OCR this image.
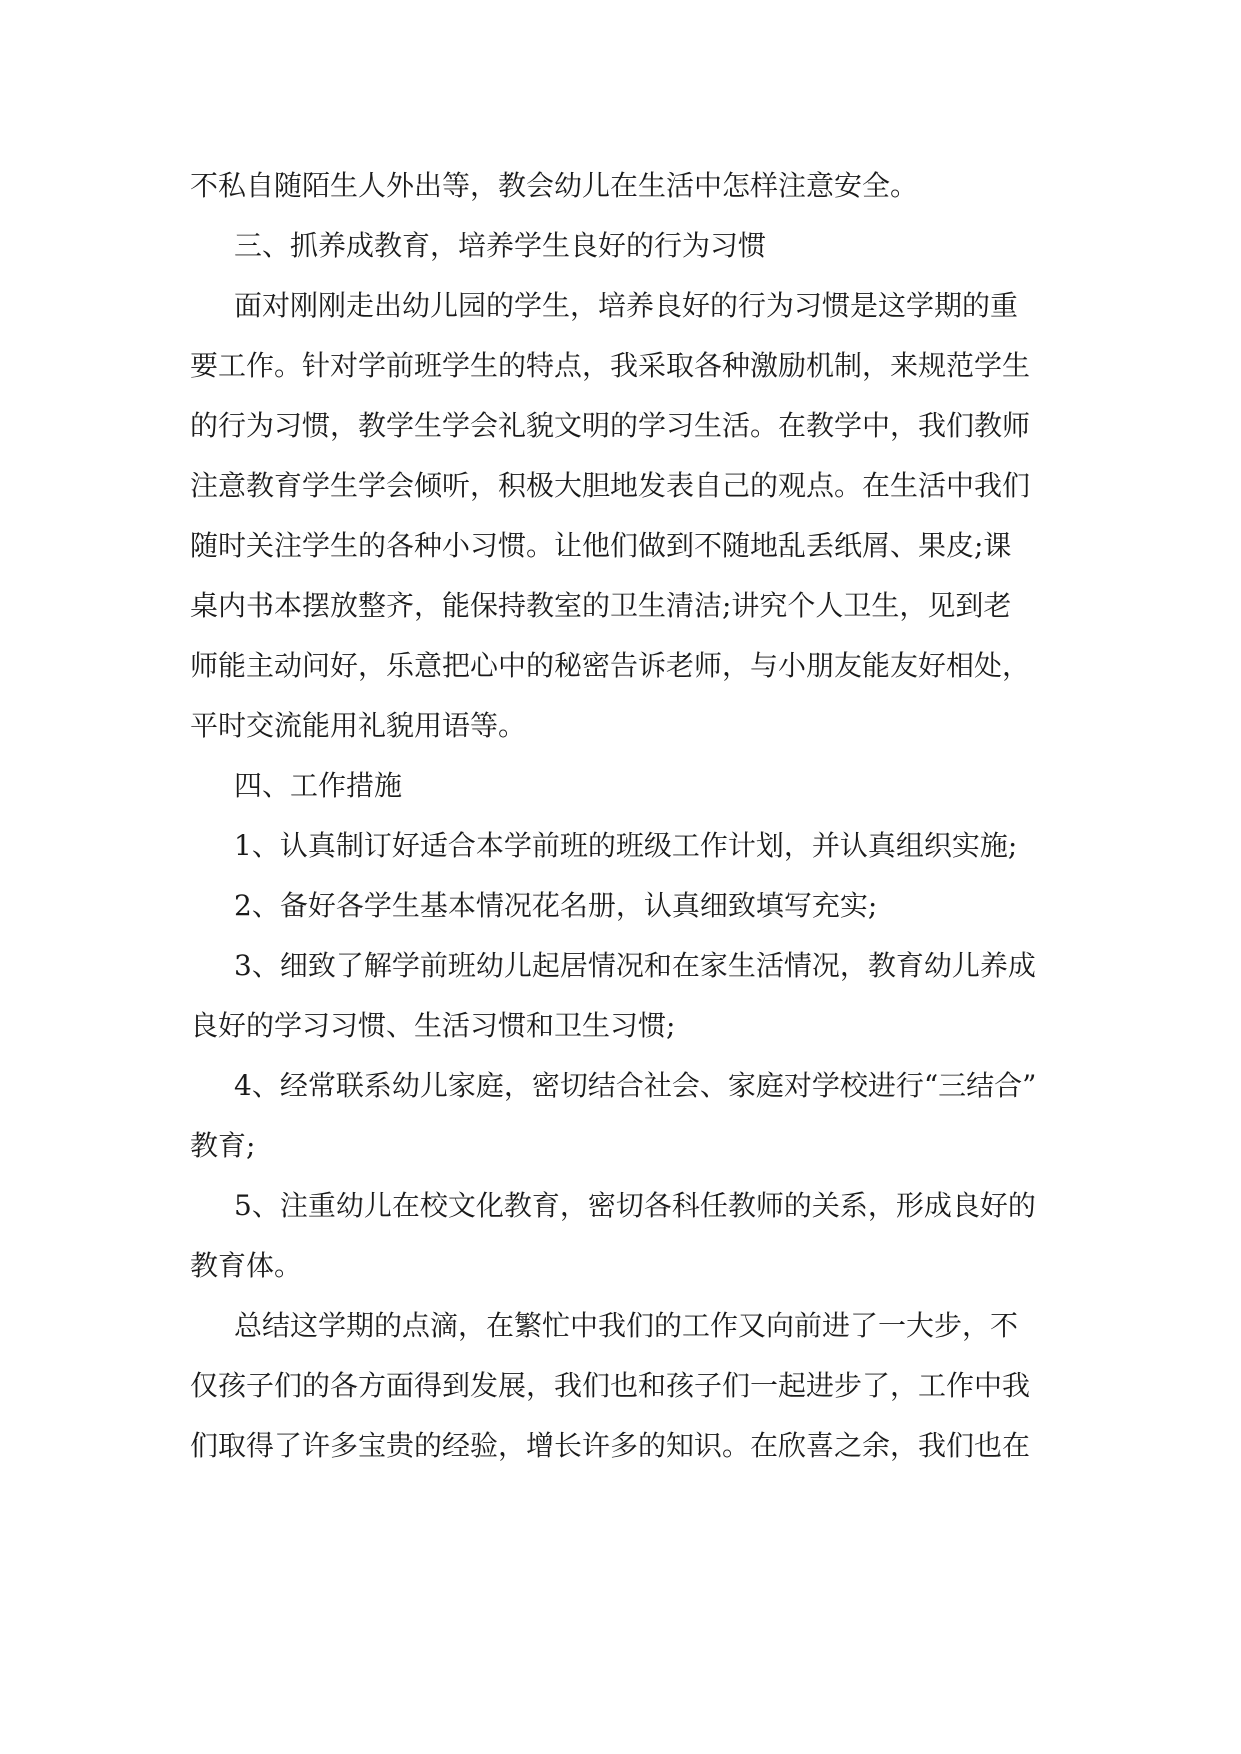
不私自随陌生人外出等，教会幼儿在生活中怎样注意安全。
三、抓养成教育，培养学生良好的行为习惯
面对刚刚走出幼儿园的学生，培养良好的行为习惯是这学期的重
要工作。针对学前班学生的特点，我采取各种激励机制，来规范学生
的行为习惯，教学生学会礼貌文明的学习生活。在教学中，我们教师
注意教育学生学会倾听，积极大胆地发表自己的观点。在生活中我们
随时关注学生的各种小习惯。让他们做到不随地乱丢纸屑、果皮;课
桌内书本摆放整齐，能保持教室的卫生清洁;讲究个人卫生，见到老
师能主动问好，乐意把心中的秘密告诉老师，与小朋友能友好相处，
平时交流能用礼貌用语等。
四、工作措施
1、认真制订好适合本学前班的班级工作计划，并认真组织实施;
2、备好各学生基本情况花名册，认真细致填写充实;
3、细致了解学前班幼儿起居情况和在家生活情况，教育幼儿养成
良好的学习习惯、生活习惯和卫生习惯;
4、经常联系幼儿家庭，密切结合社会、家庭对学校进行“三结合”
教育;
5、注重幼儿在校文化教育，密切各科任教师的关系，形成良好的
教育体。
总结这学期的点滴，在繁忙中我们的工作又向前进了一大步，不
仅孩子们的各方面得到发展，我们也和孩子们一起进步了，工作中我
们取得了许多宝贵的经验，增长许多的知识。在欣喜之余，我们也在
